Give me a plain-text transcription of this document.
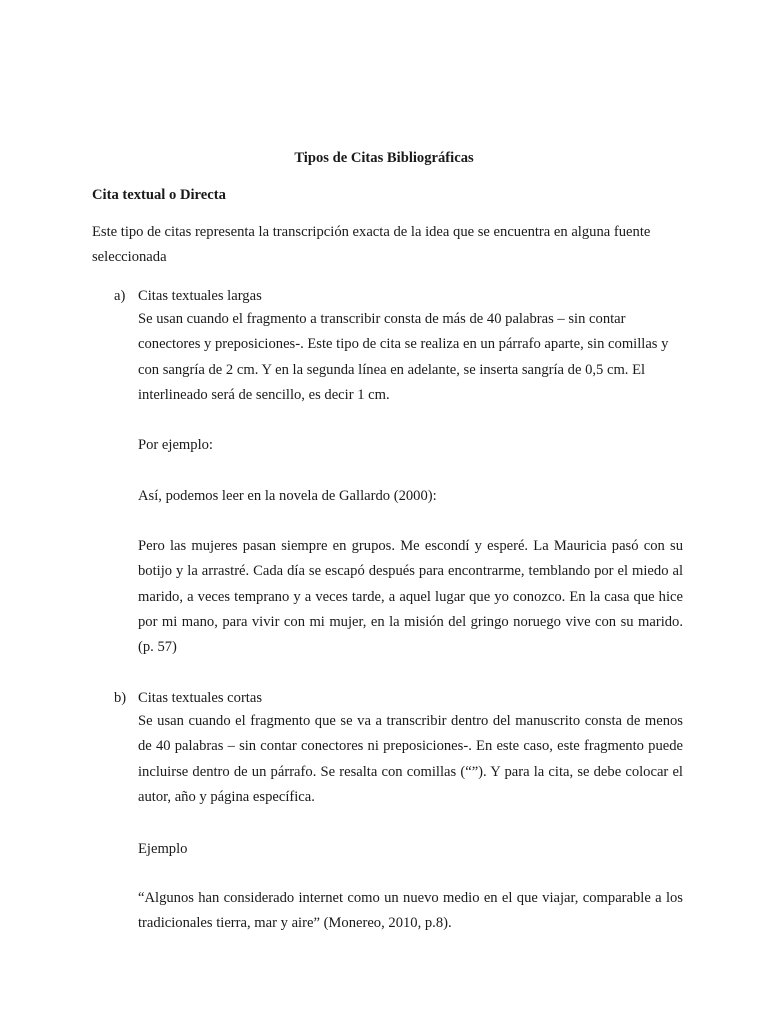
Tipos de Citas Bibliográficas
Cita textual o Directa

Este tipo de citas representa la transcripción exacta de la idea que se encuentra en alguna fuente seleccionada

a) Citas textuales largas

Se usan cuando el fragmento a transcribir consta de más de 40 palabras – sin contar conectores y preposiciones-. Este tipo de cita se realiza en un párrafo aparte, sin comillas y con sangría de 2 cm. Y en la segunda línea en adelante, se inserta sangría de 0,5 cm. El interlineado será de sencillo, es decir 1 cm.

Por ejemplo:
Así, podemos leer en la novela de Gallardo (2000):

Pero las mujeres pasan siempre en grupos. Me escondí y esperé. La Mauricia pasó con su botijo y la arrastré. Cada día se escapó después para encontrarme, temblando por el miedo al marido, a veces temprano y a veces tarde, a aquel lugar que yo conozco. En la casa que hice por mi mano, para vivir con mi mujer, en la misión del gringo noruego vive con su marido. (p. 57)

b) Citas textuales cortas

Se usan cuando el fragmento que se va a transcribir dentro del manuscrito consta de menos de 40 palabras – sin contar conectores ni preposiciones-. En este caso, este fragmento puede incluirse dentro de un párrafo. Se resalta con comillas (“”). Y para la cita, se debe colocar el autor, año y página específica.

Ejemplo

“Algunos han considerado internet como un nuevo medio en el que viajar, comparable a los tradicionales tierra, mar y aire” (Monereo, 2010, p.8).
